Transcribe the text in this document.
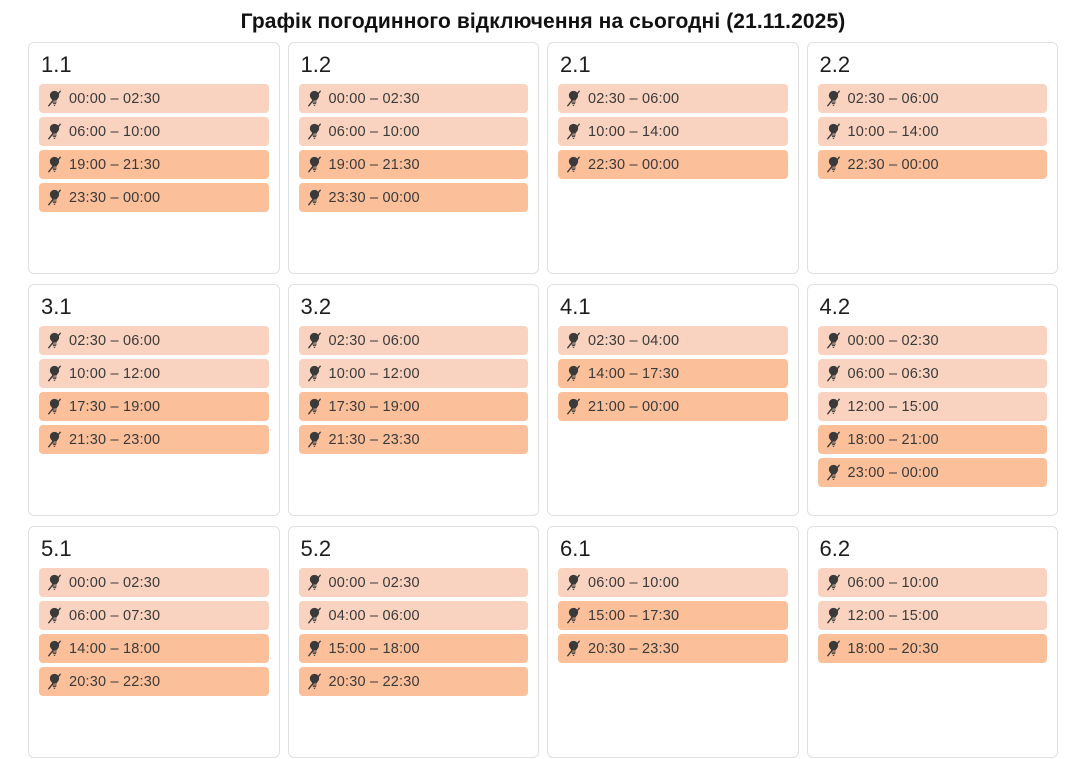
Графік погодинного відключення на сьогодні (21.11.2025)
1.1
00:00 – 02:30
06:00 – 10:00
19:00 – 21:30
23:30 – 00:00
1.2
00:00 – 02:30
06:00 – 10:00
19:00 – 21:30
23:30 – 00:00
2.1
02:30 – 06:00
10:00 – 14:00
22:30 – 00:00
2.2
02:30 – 06:00
10:00 – 14:00
22:30 – 00:00
3.1
02:30 – 06:00
10:00 – 12:00
17:30 – 19:00
21:30 – 23:00
3.2
02:30 – 06:00
10:00 – 12:00
17:30 – 19:00
21:30 – 23:30
4.1
02:30 – 04:00
14:00 – 17:30
21:00 – 00:00
4.2
00:00 – 02:30
06:00 – 06:30
12:00 – 15:00
18:00 – 21:00
23:00 – 00:00
5.1
00:00 – 02:30
06:00 – 07:30
14:00 – 18:00
20:30 – 22:30
5.2
00:00 – 02:30
04:00 – 06:00
15:00 – 18:00
20:30 – 22:30
6.1
06:00 – 10:00
15:00 – 17:30
20:30 – 23:30
6.2
06:00 – 10:00
12:00 – 15:00
18:00 – 20:30
